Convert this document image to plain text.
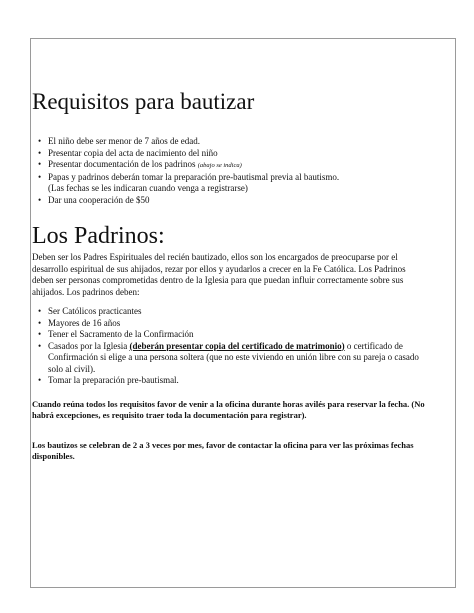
Requisitos para bautizar
• El niño debe ser menor de 7 años de edad.
• Presentar copia del acta de nacimiento del niño
• Presentar documentación de los padrinos (abajo se indica)
• Papas y padrinos deberán tomar la preparación pre-bautismal previa al bautismo.
(Las fechas se les indicaran cuando venga a registrarse)
• Dar una cooperación de $50
Los Padrinos:

Deben ser los Padres Espirituales del recién bautizado, ellos son los encargados de preocuparse por el desarrollo espiritual de sus ahijados, rezar por ellos y ayudarlos a crecer en la Fe Católica. Los Padrinos deben ser personas comprometidas dentro de la Iglesia para que puedan influir correctamente sobre sus ahijados. Los padrinos deben:

• Ser Católicos practicantes
• Mayores de 16 años
• Tener el Sacramento de la Confirmación
• Casados por la Iglesia (deberán presentar copia del certificado de matrimonio) o certificado de Confirmación si elige a una persona soltera (que no este viviendo en unión libre con su pareja o casado solo al civil).
• Tomar la preparación pre-bautismal.

Cuando reúna todos los requisitos favor de venir a la oficina durante horas avilés para reservar la fecha. (No habrá excepciones, es requisito traer toda la documentación para registrar).

Los bautizos se celebran de 2 a 3 veces por mes, favor de contactar la oficina para ver las próximas fechas disponibles.
